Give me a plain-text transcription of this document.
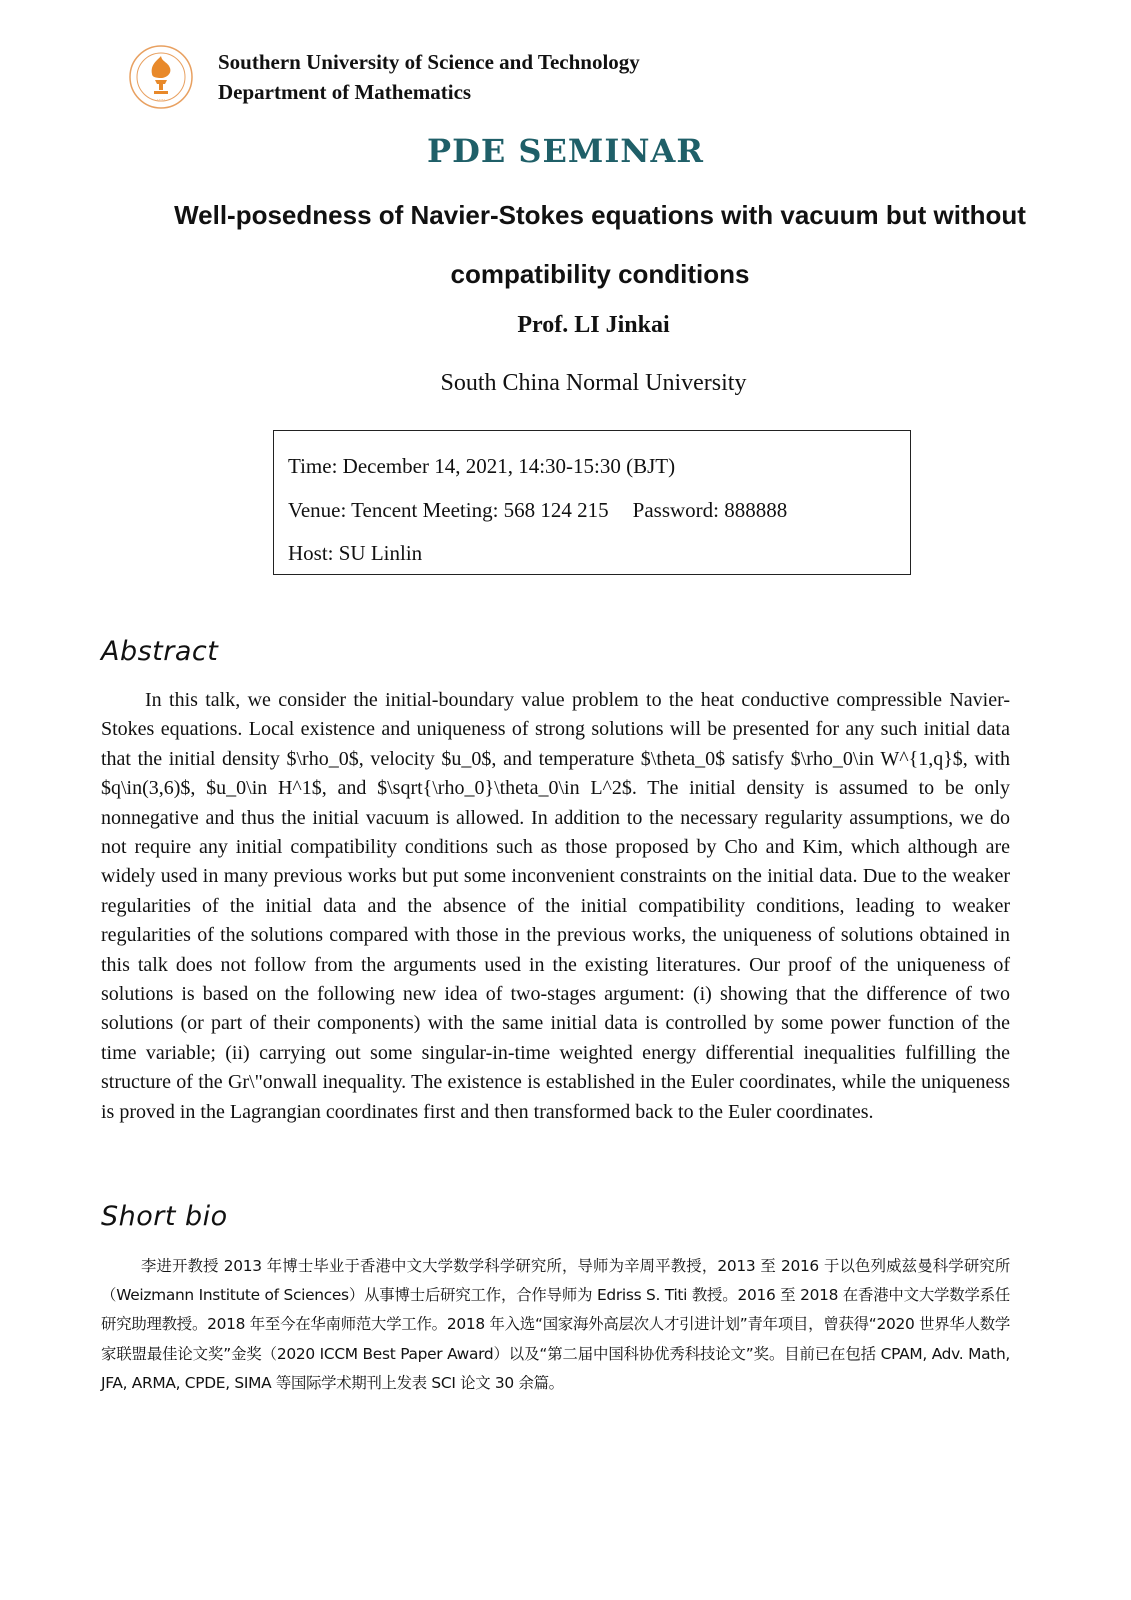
·····
Southern University of Science and Technology
Department of Mathematics
PDE SEMINAR
Well-posedness of Navier-Stokes equations with vacuum but without compatibility conditions
Prof. LI Jinkai
South China Normal University
Time: December 14, 2021, 14:30-15:30 (BJT)
Venue: Tencent Meeting: 568 124 215 Password: 888888
Host: SU Linlin
Abstract

In this talk, we consider the initial-boundary value problem to the heat conductive compressible Navier-Stokes equations. Local existence and uniqueness of strong solutions will be presented for any such initial data that the initial density $\rho_0$, velocity $u_0$, and temperature $\theta_0$ satisfy $\rho_0\in W^{1,q}$, with $q\in(3,6)$, $u_0\in H^1$, and $\sqrt{\rho_0}\theta_0\in L^2$. The initial density is assumed to be only nonnegative and thus the initial vacuum is allowed. In addition to the necessary regularity assumptions, we do not require any initial compatibility conditions such as those proposed by Cho and Kim, which although are widely used in many previous works but put some inconvenient constraints on the initial data. Due to the weaker regularities of the initial data and the absence of the initial compatibility conditions, leading to weaker regularities of the solutions compared with those in the previous works, the uniqueness of solutions obtained in this talk does not follow from the arguments used in the existing literatures. Our proof of the uniqueness of solutions is based on the following new idea of two-stages argument: (i) showing that the difference of two solutions (or part of their components) with the same initial data is controlled by some power function of the time variable; (ii) carrying out some singular-in-time weighted energy differential inequalities fulfilling the structure of the Gr\"onwall inequality. The existence is established in the Euler coordinates, while the uniqueness is proved in the Lagrangian coordinates first and then transformed back to the Euler coordinates.

Short bio

李进开教授 2013 年博士毕业于香港中文大学数学科学研究所，导师为辛周平教授，2013 至 2016 于以色列威兹曼科学研究所（Weizmann Institute of Sciences）从事博士后研究工作，合作导师为 Edriss S. Titi 教授。2016 至 2018 在香港中文大学数学系任研究助理教授。2018 年至今在华南师范大学工作。2018 年入选“国家海外高层次人才引进计划”青年项目，曾获得“2020 世界华人数学家联盟最佳论文奖”金奖（2020 ICCM Best Paper Award）以及“第二届中国科协优秀科技论文”奖。目前已在包括 CPAM, Adv. Math, JFA, ARMA, CPDE, SIMA 等国际学术期刊上发表 SCI 论文 30 余篇。
